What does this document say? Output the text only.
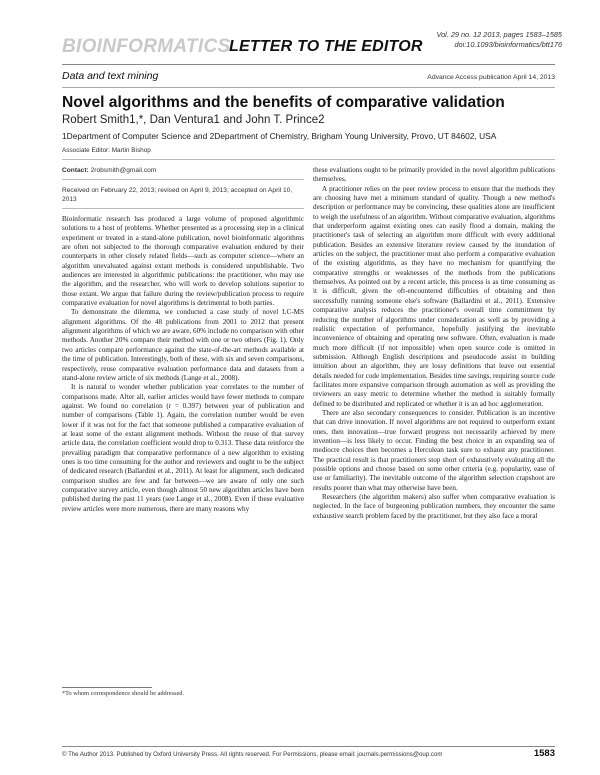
BIOINFORMATICS
LETTER TO THE EDITOR
Vol. 29 no. 12 2013, pages 1583–1585
doi:10.1093/bioinformatics/btt176
Data and text mining	Advance Access publication April 14, 2013
Novel algorithms and the benefits of comparative validation
Robert Smith1,*, Dan Ventura1 and John T. Prince2
1Department of Computer Science and 2Department of Chemistry, Brigham Young University, Provo, UT 84602, USA
Associate Editor: Martin Bishop
Contact: 2robsmith@gmail.com
Received on February 22, 2013; revised on April 9, 2013; accepted on April 10, 2013

Bioinformatic research has produced a large volume of proposed algorithmic solutions to a host of problems. Whether presented as a processing step in a clinical experiment or treated in a stand-alone publication, novel bioinformatic algorithms are often not subjected to the thorough comparative evaluation endured by their counterparts in other closely related fields—such as computer science—where an algorithm unevaluated against extant methods is considered unpublishable. Two audiences are interested in algorithmic publications: the practitioner, who may use the algorithm, and the researcher, who will work to develop solutions superior to those extant. We argue that failure during the review/publication process to require comparative evaluation for novel algorithms is detrimental to both parties.

To demonstrate the dilemma, we conducted a case study of novel LC-MS alignment algorithms. Of the 48 publications from 2001 to 2012 that present alignment algorithms of which we are aware, 60% include no comparison with other methods. Another 20% compare their method with one or two others (Fig. 1). Only two articles compare performance against the state-of-the-art methods available at the time of publication. Interestingly, both of these, with six and seven comparisons, respectively, reuse comparative evaluation performance data and datasets from a stand-alone review article of six methods (Lange et al., 2008).

It is natural to wonder whether publication year correlates to the number of comparisons made. After all, earlier articles would have fewer methods to compare against. We found no correlation (r = 0.397) between year of publication and number of comparisons (Table 1). Again, the correlation number would be even lower if it was not for the fact that someone published a comparative evaluation of at least some of the extant alignment methods. Without the reuse of that survey article data, the correlation coefficient would drop to 0.313. These data reinforce the prevailing paradigm that comparative performance of a new algorithm to existing ones is too time consuming for the author and reviewers and ought to be the subject of dedicated research (Ballardini et al., 2011). At least for alignment, such dedicated comparison studies are few and far between—we are aware of only one such comparative survey article, even though almost 50 new algorithm articles have been published during the past 11 years (see Lange et al., 2008). Even if these evaluative review articles were more numerous, there are many reasons why

these evaluations ought to be primarily provided in the novel algorithm publications themselves.

A practitioner relies on the peer review process to ensure that the methods they are choosing have met a minimum standard of quality. Though a new method's description or performance may be convincing, these qualities alone are insufficient to weigh the usefulness of an algorithm. Without comparative evaluation, algorithms that underperform against existing ones can easily flood a domain, making the practitioner's task of selecting an algorithm more difficult with every additional publication. Besides an extensive literature review caused by the inundation of articles on the subject, the practitioner must also perform a comparative evaluation of the existing algorithms, as they have no mechanism for quantifying the comparative strengths or weaknesses of the methods from the publications themselves. As pointed out by a recent article, this process is as time consuming as it is difficult, given the oft-encountered difficulties of obtaining and then successfully running someone else's software (Ballardini et al., 2011). Extensive comparative analysis reduces the practitioner's overall time commitment by reducing the number of algorithms under consideration as well as by providing a realistic expectation of performance, hopefully justifying the inevitable inconvenience of obtaining and operating new software. Often, evaluation is made much more difficult (if not impossible) when open source code is omitted in submission. Although English descriptions and pseudocode assist in building intuition about an algorithm, they are lossy definitions that leave out essential details needed for code implementation. Besides time savings, requiring source code facilitates more expansive comparison through automation as well as providing the reviewers an easy metric to determine whether the method is suitably formally defined to be distributed and replicated or whether it is an ad hoc agglomeration.

There are also secondary consequences to consider. Publication is an incentive that can drive innovation. If novel algorithms are not required to outperform extant ones, then innovation—true forward progress not necessarily achieved by mere invention—is less likely to occur. Finding the best choice in an expanding sea of mediocre choices then becomes a Herculean task sure to exhaust any practitioner. The practical result is that practitioners stop short of exhaustively evaluating all the possible options and choose based on some other criteria (e.g. popularity, ease of use or familiarity). The inevitable outcome of the algorithm selection crapshoot are results poorer than what may otherwise have been.

Researchers (the algorithm makers) also suffer when comparative evaluation is neglected. In the face of burgeoning publication numbers, they encounter the same exhaustive search problem faced by the practitioner, but they also face a moral

*To whom correspondence should be addressed.
© The Author 2013. Published by Oxford University Press. All rights reserved. For Permissions, please email: journals.permissions@oup.com	1583
